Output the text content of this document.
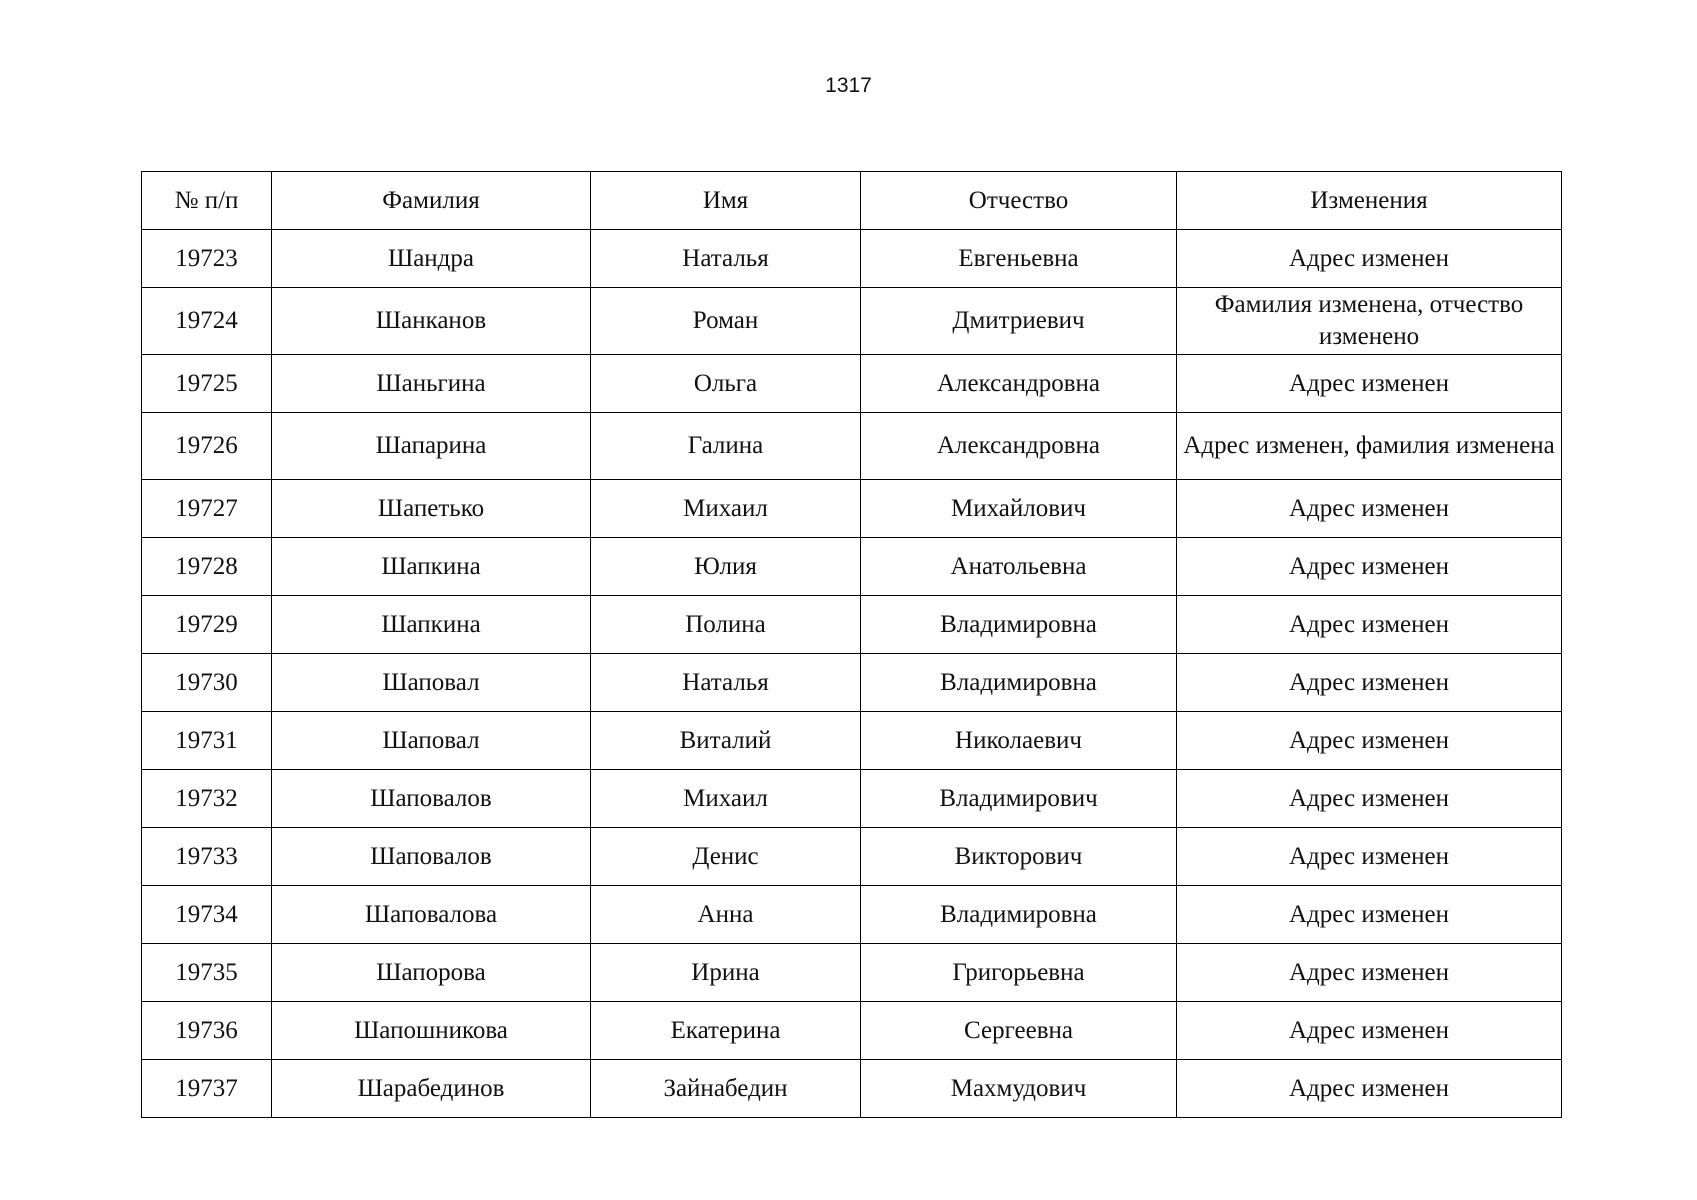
1317
№ п/п	Фамилия	Имя	Отчество	Изменения
19723	Шандра	Наталья	Евгеньевна	Адрес изменен
19724	Шанканов	Роман	Дмитриевич	Фамилия изменена, отчество изменено
19725	Шаньгина	Ольга	Александровна	Адрес изменен
19726	Шапарина	Галина	Александровна	Адрес изменен, фамилия изменена
19727	Шапетько	Михаил	Михайлович	Адрес изменен
19728	Шапкина	Юлия	Анатольевна	Адрес изменен
19729	Шапкина	Полина	Владимировна	Адрес изменен
19730	Шаповал	Наталья	Владимировна	Адрес изменен
19731	Шаповал	Виталий	Николаевич	Адрес изменен
19732	Шаповалов	Михаил	Владимирович	Адрес изменен
19733	Шаповалов	Денис	Викторович	Адрес изменен
19734	Шаповалова	Анна	Владимировна	Адрес изменен
19735	Шапорова	Ирина	Григорьевна	Адрес изменен
19736	Шапошникова	Екатерина	Сергеевна	Адрес изменен
19737	Шарабединов	Зайнабедин	Махмудович	Адрес изменен
